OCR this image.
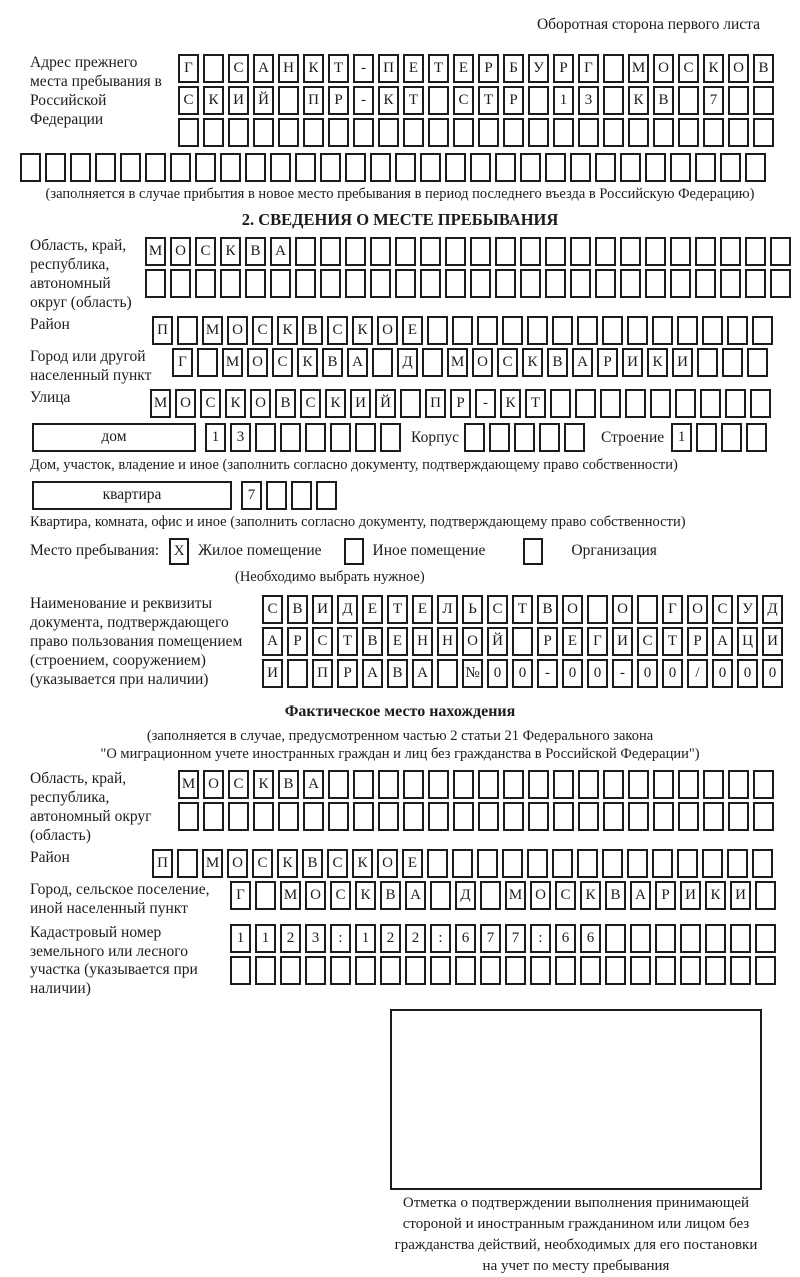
Оборотная сторона первого листа
Адрес прежнего места пребывания в Российской Федерации
Г	С А Н К	Т	-	П Е	Т	Е	Р	Б	У	Р	Г	М О С К О В
С К И Й	П	Р	-	К	Т	С	Т	Р	1	3	К В	7
(заполняется в случае прибытия в новое место пребывания в период последнего въезда в Российскую Федерацию)
2. СВЕДЕНИЯ О МЕСТЕ ПРЕБЫВАНИЯ
Область, край, республика, автономный округ (область)
М О С К В А
Район	П	М О С К В С К О Е
Город или другой населенный пункт
Г	М О С К В А	Д	М О С К В А	Р	И К И
Улица	М О С К О В С К И Й	П	Р	-	К	Т
дом	1	3	Корпус	Строение 1
Дом, участок, владение и иное (заполнить согласно документу, подтверждающему право собственности)
квартира	7
Квартира, комната, офис и иное (заполнить согласно документу, подтверждающему право собственности)
Место пребывания: X Жилое помещение	Иное помещение	Организация
(Необходимо выбрать нужное)
Наименование и реквизиты документа, подтверждающего право пользования помещением (строением, сооружением) (указывается при наличии)
С В И Д	Е	Т	Е	Л	Ь	С	Т	В О	О	Г	О С У Д
А	Р	С	Т	В	Е	Н Н О Й	Р	Е	Г	И С	Т	Р	А Ц И
И	П	Р	А В А	№ 0	0	-	0	0	-	0	0	/	0	0	0
Фактическое место нахождения
(заполняется в случае, предусмотренном частью 2 статьи 21 Федерального закона
"О миграционном учете иностранных граждан и лиц без гражданства в Российской Федерации")
Область, край, республика, автономный округ (область)
М О С К В А
Район	П	М О С К В С К О Е
Город, сельское поселение, иной населенный пункт
Г	М О С К В А	Д	М О С К В А	Р	И К И
Кадастровый номер земельного или лесного участка (указывается при наличии)
1	1	2	3	:	1	2	2	:	6	7	7	:	6	6
Отметка о подтверждении выполнения принимающей стороной и иностранным гражданином или лицом без гражданства действий, необходимых для его постановки на учет по месту пребывания
